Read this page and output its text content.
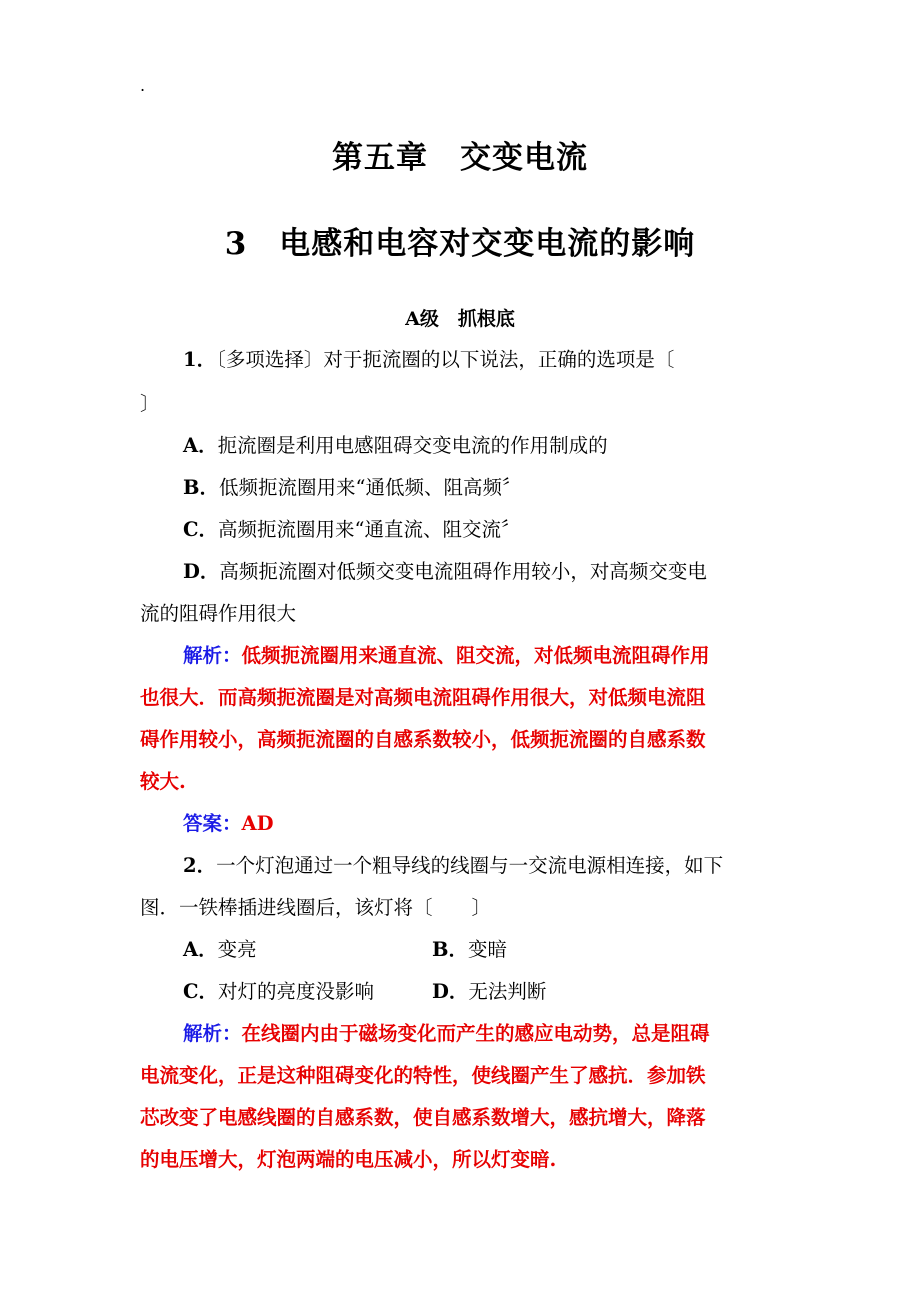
.
第五章　交变电流
3　电感和电容对交变电流的影响
A级　抓根底
1．〔多项选择〕对于扼流圈的以下说法，正确的选项是〔
〕
A．扼流圈是利用电感阻碍交变电流的作用制成的
B．低频扼流圈用来“通低频、阻高频〞
C．高频扼流圈用来“通直流、阻交流〞
D．高频扼流圈对低频交变电流阻碍作用较小，对高频交变电
流的阻碍作用很大
解析：低频扼流圈用来通直流、阻交流，对低频电流阻碍作用
也很大．而高频扼流圈是对高频电流阻碍作用很大，对低频电流阻
碍作用较小，高频扼流圈的自感系数较小，低频扼流圈的自感系数
较大.
答案：AD
2．一个灯泡通过一个粗导线的线圈与一交流电源相连接，如下
图．一铁棒插进线圈后，该灯将〔　　〕
A．变亮	B．变暗
C．对灯的亮度没影响	D．无法判断
解析：在线圈内由于磁场变化而产生的感应电动势，总是阻碍
电流变化，正是这种阻碍变化的特性，使线圈产生了感抗．参加铁
芯改变了电感线圈的自感系数，使自感系数增大，感抗增大，降落
的电压增大，灯泡两端的电压减小，所以灯变暗.
